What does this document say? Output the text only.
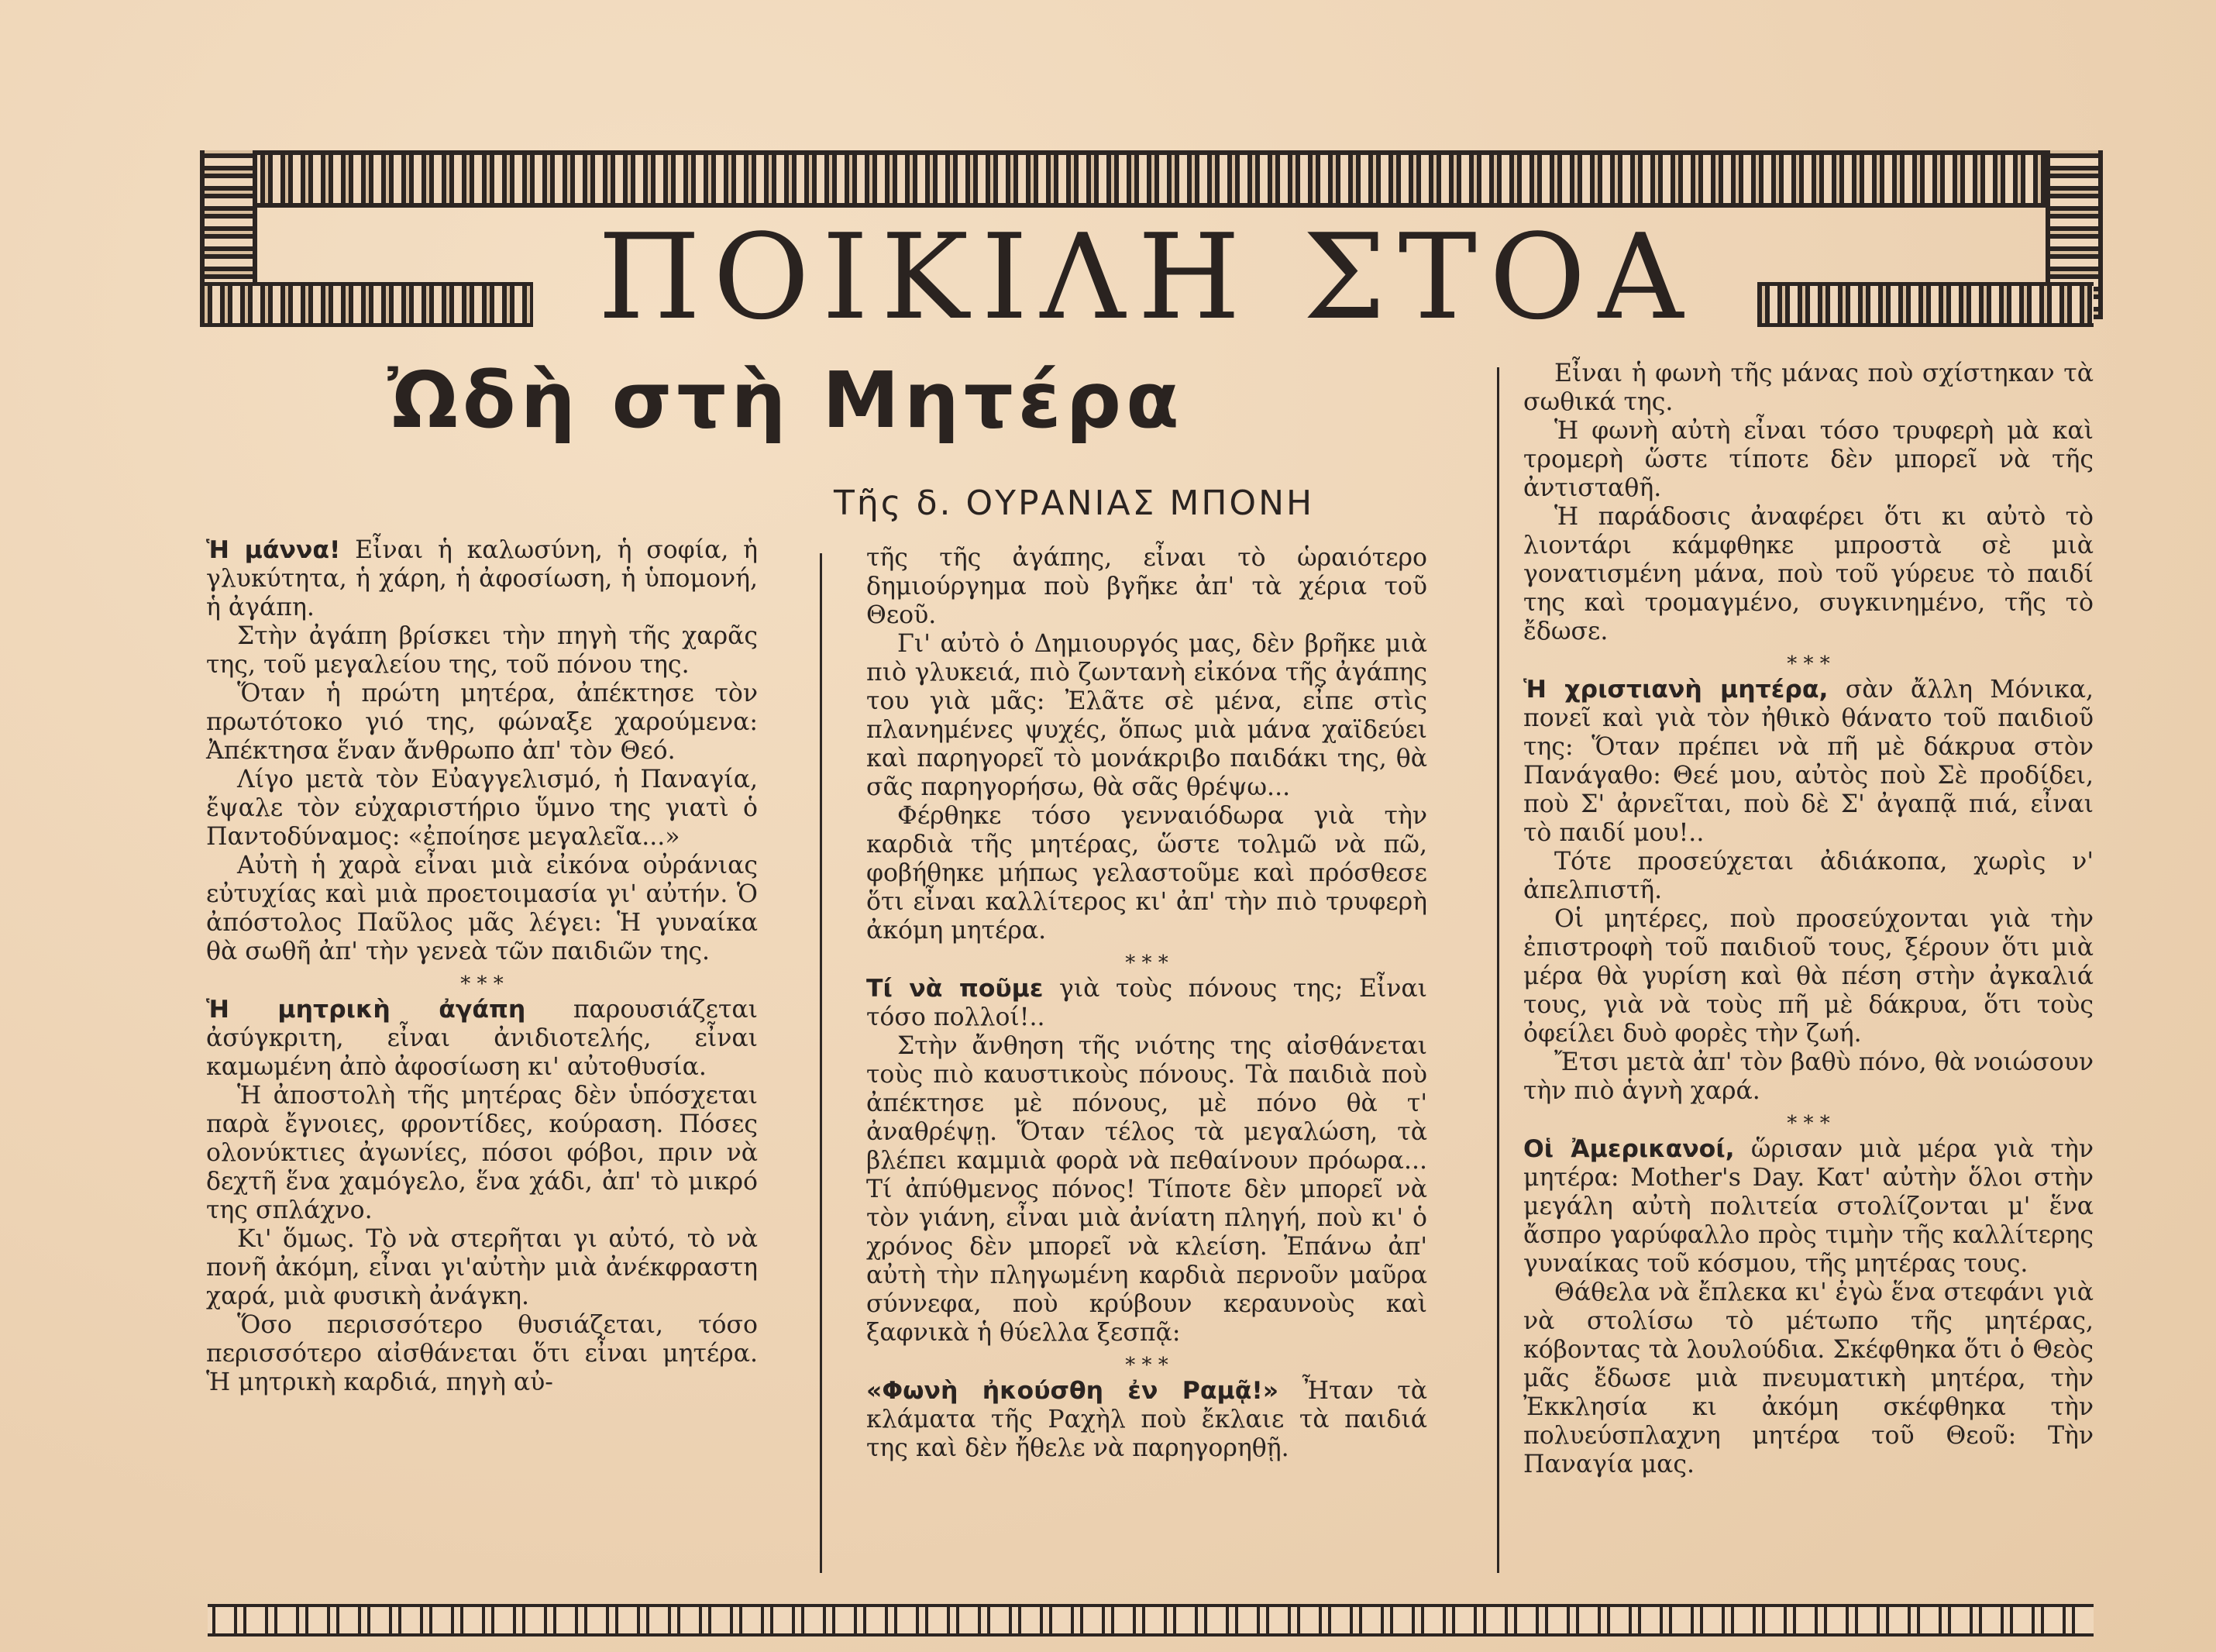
ΠΟΙΚΙΛΗ ΣΤΟΑ
Ὠδὴ στὴ Μητέρα
Τῆς δ. ΟΥΡΑΝΙΑΣ ΜΠΟΝΗ

Ἡ μάννα! Εἶναι ἡ καλωσύνη, ἡ σοφία, ἡ γλυκύτητα, ἡ χάρη, ἡ ἀφοσίωση, ἡ ὑπομονή, ἡ ἀγάπη.

Στὴν ἀγάπη βρίσκει τὴν πηγὴ τῆς χαρᾶς της, τοῦ μεγαλείου της, τοῦ πόνου της.

Ὅταν ἡ πρώτη μητέρα, ἀπέκτησε τὸν πρωτότοκο γιό της, φώναξε χαρούμενα: Ἀπέκτησα ἕναν ἄνθρωπο ἀπ' τὸν Θεό.

Λίγο μετὰ τὸν Εὐαγγελισμό, ἡ Παναγία, ἔψαλε τὸν εὐχαριστήριο ὕμνο της γιατὶ ὁ Παντοδύναμος: «ἐποίησε μεγαλεῖα...»

Αὐτὴ ἡ χαρὰ εἶναι μιὰ εἰκόνα οὐράνιας εὐτυχίας καὶ μιὰ προετοιμασία γι' αὐτήν. Ὁ ἀπόστολος Παῦλος μᾶς λέγει: Ἡ γυναίκα θὰ σωθῆ ἀπ' τὴν γενεὰ τῶν παιδιῶν της.

* * *

Ἡ μητρικὴ ἀγάπη παρουσιάζεται ἀσύγκριτη, εἶναι ἀνιδιοτελής, εἶναι καμωμένη ἀπὸ ἀφοσίωση κι' αὐτοθυσία.

Ἡ ἀποστολὴ τῆς μητέρας δὲν ὑπόσχεται παρὰ ἔγνοιες, φροντίδες, κούραση. Πόσες ολονύκτιες ἀγωνίες, πόσοι φόβοι, πριν νὰ δεχτῆ ἕνα χαμόγελο, ἕνα χάδι, ἀπ' τὸ μικρό της σπλάχνο.

Κι' ὅμως. Τὸ νὰ στερῆται γι αὐτό, τὸ νὰ πονῆ ἀκόμη, εἶναι γι'αὐτὴν μιὰ ἀνέκφραστη χαρά, μιὰ φυσικὴ ἀνάγκη.

Ὅσο περισσότερο θυσιάζεται, τόσο περισσότερο αἰσθάνεται ὅτι εἶναι μητέρα. Ἡ μητρικὴ καρδιά, πηγὴ αὐ-

τῆς τῆς ἀγάπης, εἶναι τὸ ὡραιότερο δημιούργημα ποὺ βγῆκε ἀπ' τὰ χέρια τοῦ Θεοῦ.

Γι' αὐτὸ ὁ Δημιουργός μας, δὲν βρῆκε μιὰ πιὸ γλυκειά, πιὸ ζωντανὴ εἰκόνα τῆς ἀγάπης του γιὰ μᾶς: Ἐλᾶτε σὲ μένα, εἶπε στὶς πλανημένες ψυχές, ὅπως μιὰ μάνα χαϊδεύει καὶ παρηγορεῖ τὸ μονάκριβο παιδάκι της, θὰ σᾶς παρηγορήσω, θὰ σᾶς θρέψω...

Φέρθηκε τόσο γενναιόδωρα γιὰ τὴν καρδιὰ τῆς μητέρας, ὥστε τολμῶ νὰ πῶ, φοβήθηκε μήπως γελαστοῦμε καὶ πρόσθεσε ὅτι εἶναι καλλίτερος κι' ἀπ' τὴν πιὸ τρυφερὴ ἀκόμη μητέρα.

* * *

Τί νὰ ποῦμε γιὰ τοὺς πόνους της; Εἶναι τόσο πολλοί!..

Στὴν ἄνθηση τῆς νιότης της αἰσθάνεται τοὺς πιὸ καυστικοὺς πόνους. Τὰ παιδιὰ ποὺ ἀπέκτησε μὲ πόνους, μὲ πόνο θὰ τ' ἀναθρέψῃ. Ὅταν τέλος τὰ μεγαλώση, τὰ βλέπει καμμιὰ φορὰ νὰ πεθαίνουν πρόωρα... Τί ἀπύθμενος πόνος! Τίποτε δὲν μπορεῖ νὰ τὸν γιάνη, εἶναι μιὰ ἀνίατη πληγή, ποὺ κι' ὁ χρόνος δὲν μπορεῖ νὰ κλείση. Ἐπάνω ἀπ' αὐτὴ τὴν πληγωμένη καρδιὰ περνοῦν μαῦρα σύννεφα, ποὺ κρύβουν κεραυνοὺς καὶ ξαφνικὰ ἡ θύελλα ξεσπᾷ:

* * *

«Φωνὴ ἠκούσθη ἐν Ραμᾷ!» Ἦταν τὰ κλάματα τῆς Ραχὴλ ποὺ ἔκλαιε τὰ παιδιά της καὶ δὲν ἤθελε νὰ παρηγορηθῇ.

Εἶναι ἡ φωνὴ τῆς μάνας ποὺ σχίστηκαν τὰ σωθικά της.

Ἡ φωνὴ αὐτὴ εἶναι τόσο τρυφερὴ μὰ καὶ τρομερὴ ὥστε τίποτε δὲν μπορεῖ νὰ τῆς ἀντισταθῆ.

Ἡ παράδοσις ἀναφέρει ὅτι κι αὐτὸ τὸ λιοντάρι κάμφθηκε μπροστὰ σὲ μιὰ γονατισμένη μάνα, ποὺ τοῦ γύρευε τὸ παιδί της καὶ τρομαγμένο, συγκινημένο, τῆς τὸ ἔδωσε.

* * *

Ἡ χριστιανὴ μητέρα, σὰν ἄλλη Μόνικα, πονεῖ καὶ γιὰ τὸν ἠθικὸ θάνατο τοῦ παιδιοῦ της: Ὅταν πρέπει νὰ πῆ μὲ δάκρυα στὸν Πανάγαθο: Θεέ μου, αὐτὸς ποὺ Σὲ προδίδει, ποὺ Σ' ἀρνεῖται, ποὺ δὲ Σ' ἀγαπᾷ πιά, εἶναι τὸ παιδί μου!..

Τότε προσεύχεται ἀδιάκοπα, χωρὶς ν' ἀπελπιστῆ.

Οἱ μητέρες, ποὺ προσεύχονται γιὰ τὴν ἐπιστροφὴ τοῦ παιδιοῦ τους, ξέρουν ὅτι μιὰ μέρα θὰ γυρίση καὶ θὰ πέση στὴν ἀγκαλιά τους, γιὰ νὰ τοὺς πῆ μὲ δάκρυα, ὅτι τοὺς ὀφείλει δυὸ φορὲς τὴν ζωή.

Ἔτσι μετὰ ἀπ' τὸν βαθὺ πόνο, θὰ νοιώσουν τὴν πιὸ ἁγνὴ χαρά.

* * *

Οἱ Ἀμερικανοί, ὥρισαν μιὰ μέρα γιὰ τὴν μητέρα: Mother's Day. Κατ' αὐτὴν ὅλοι στὴν μεγάλη αὐτὴ πολιτεία στολίζονται μ' ἕνα ἄσπρο γαρύφαλλο πρὸς τιμὴν τῆς καλλίτερης γυναίκας τοῦ κόσμου, τῆς μητέρας τους.

Θάθελα νὰ ἔπλεκα κι' ἐγὼ ἕνα στεφάνι γιὰ νὰ στολίσω τὸ μέτωπο τῆς μητέρας, κόβοντας τὰ λουλούδια. Σκέφθηκα ὅτι ὁ Θεὸς μᾶς ἔδωσε μιὰ πνευματικὴ μητέρα, τὴν Ἐκκλησία κι ἀκόμη σκέφθηκα τὴν πολυεύσπλαχνη μητέρα τοῦ Θεοῦ: Τὴν Παναγία μας.
